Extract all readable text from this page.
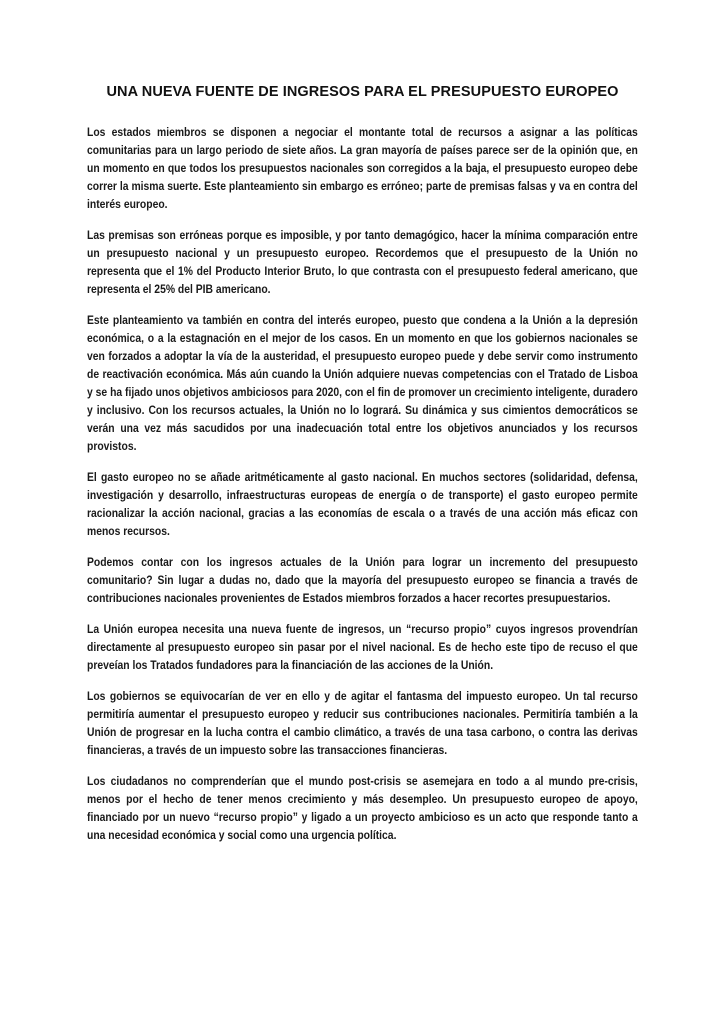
UNA NUEVA FUENTE DE INGRESOS PARA EL PRESUPUESTO EUROPEO

Los estados miembros se disponen a negociar el montante total de recursos a asignar a las políticas comunitarias para un largo periodo de siete años. La gran mayoría de países parece ser de la opinión que, en un momento en que todos los presupuestos nacionales son corregidos a la baja, el presupuesto europeo debe correr la misma suerte. Este planteamiento sin embargo es erróneo; parte de premisas falsas y va en contra del interés europeo.

Las premisas son erróneas porque es imposible, y por tanto demagógico, hacer la mínima comparación entre un presupuesto nacional y un presupuesto europeo. Recordemos que el presupuesto de la Unión no representa que el 1% del Producto Interior Bruto, lo que contrasta con el presupuesto federal americano, que representa el 25% del PIB americano.

Este planteamiento va también en contra del interés europeo, puesto que condena a la Unión a la depresión económica, o a la estagnación en el mejor de los casos. En un momento en que los gobiernos nacionales se ven forzados a adoptar la vía de la austeridad, el presupuesto europeo puede y debe servir como instrumento de reactivación económica. Más aún cuando la Unión adquiere nuevas competencias con el Tratado de Lisboa y se ha fijado unos objetivos ambiciosos para 2020, con el fin de promover un crecimiento inteligente, duradero y inclusivo. Con los recursos actuales, la Unión no lo logrará. Su dinámica y sus cimientos democráticos se verán una vez más sacudidos por una inadecuación total entre los objetivos anunciados y los recursos provistos.

El gasto europeo no se añade aritméticamente al gasto nacional. En muchos sectores (solidaridad, defensa, investigación y desarrollo, infraestructuras europeas de energía o de transporte) el gasto europeo permite racionalizar la acción nacional, gracias a las economías de escala o a través de una acción más eficaz con menos recursos.

Podemos contar con los ingresos actuales de la Unión para lograr un incremento del presupuesto comunitario? Sin lugar a dudas no, dado que la mayoría del presupuesto europeo se financia a través de contribuciones nacionales provenientes de Estados miembros forzados a hacer recortes presupuestarios.

La Unión europea necesita una nueva fuente de ingresos, un “recurso propio” cuyos ingresos provendrían directamente al presupuesto europeo sin pasar por el nivel nacional. Es de hecho este tipo de recuso el que preveían los Tratados fundadores para la financiación de las acciones de la Unión.

Los gobiernos se equivocarían de ver en ello y de agitar el fantasma del impuesto europeo. Un tal recurso permitiría aumentar el presupuesto europeo y reducir sus contribuciones nacionales. Permitiría también a la Unión de progresar en la lucha contra el cambio climático, a través de una tasa carbono, o contra las derivas financieras, a través de un impuesto sobre las transacciones financieras.

Los ciudadanos no comprenderían que el mundo post-crisis se asemejara en todo a al mundo pre-crisis, menos por el hecho de tener menos crecimiento y más desempleo. Un presupuesto europeo de apoyo, financiado por un nuevo “recurso propio” y ligado a un proyecto ambicioso es un acto que responde tanto a una necesidad económica y social como una urgencia política.
